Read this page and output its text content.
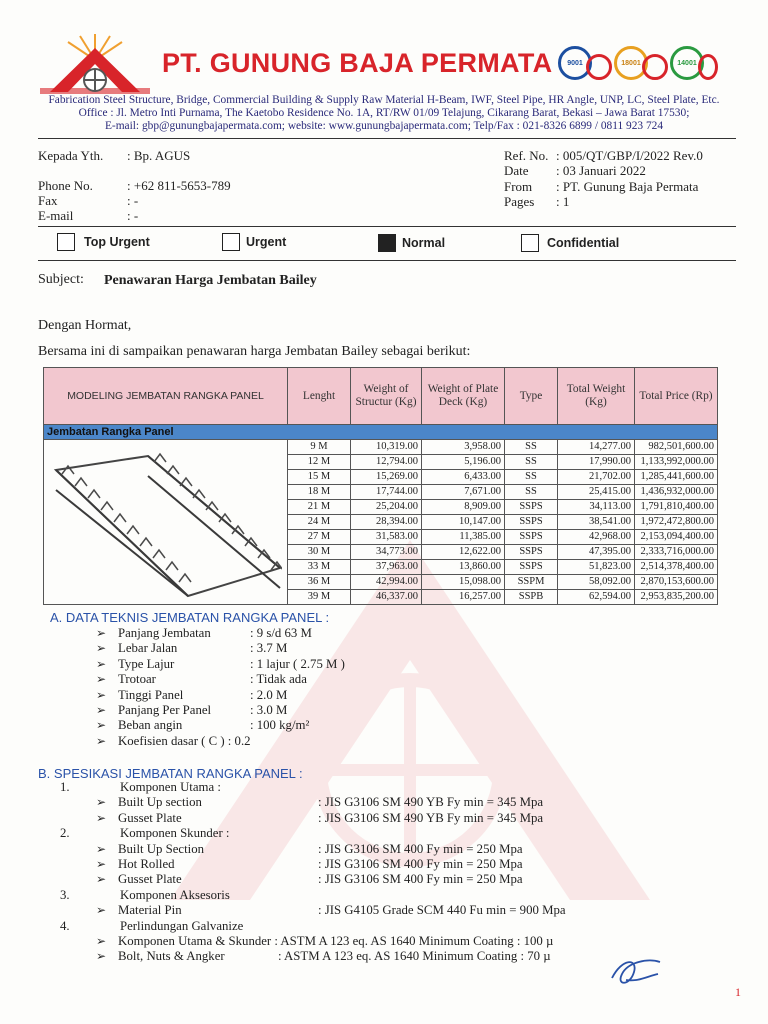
PT. GUNUNG BAJA PERMATA	9001	18001	14001
Fabrication Steel Structure, Bridge, Commercial Building & Supply Raw Material H-Beam, IWF, Steel Pipe, HR Angle, UNP, LC, Steel Plate, Etc.
Office : Jl. Metro Inti Purnama, The Kaetobo Residence No. 1A, RT/RW 01/09 Telajung, Cikarang Barat, Bekasi – Jawa Barat 17530;
E-mail: gbp@gunungbajapermata.com; website: www.gunungbajapermata.com; Telp/Fax : 021-8326 6899 / 0811 923 724
Kepada Yth. : Bp. AGUS
Phone No.	: +62 811-5653-789
Fax	: -
E-mail	: -
Ref. No. : 005/QT/GBP/I/2022 Rev.0
Date : 03 Januari 2022
From : PT. Gunung Baja Permata
Pages : 1
Top Urgent	Urgent	Normal	Confidential
Subject: Penawaran Harga Jembatan Bailey
Dengan Hormat,
Bersama ini di sampaikan penawaran harga Jembatan Bailey sebagai berikut:
MODELING JEMBATAN RANGKA PANEL	Lenght	Weight of Structur (Kg)	Weight of Plate Deck (Kg)	Type	Total Weight (Kg)	Total Price (Rp)
Jembatan Rangka Panel						
	9 M	10,319.00	3,958.00	SS	14,277.00	982,501,600.00
	12 M	12,794.00	5,196.00	SS	17,990.00	1,133,992,000.00
	15 M	15,269.00	6,433.00	SS	21,702.00	1,285,441,600.00
	18 M	17,744.00	7,671.00	SS	25,415.00	1,436,932,000.00
	21 M	25,204.00	8,909.00	SSPS	34,113.00	1,791,810,400.00
	24 M	28,394.00	10,147.00	SSPS	38,541.00	1,972,472,800.00
	27 M	31,583.00	11,385.00	SSPS	42,968.00	2,153,094,400.00
	30 M	34,773.00	12,622.00	SSPS	47,395.00	2,333,716,000.00
	33 M	37,963.00	13,860.00	SSPS	51,823.00	2,514,378,400.00
	36 M	42,994.00	15,098.00	SSPM	58,092.00	2,870,153,600.00
	39 M	46,337.00	16,257.00	SSPB	62,594.00	2,953,835,200.00
A. DATA TEKNIS JEMBATAN RANGKA PANEL :
➢ Panjang Jembatan	: 9 s/d 63 M
➢ Lebar Jalan	: 3.7 M
➢ Type Lajur	: 1 lajur ( 2.75 M )
➢ Trotoar	: Tidak ada
➢ Tinggi Panel	: 2.0 M
➢ Panjang Per Panel	: 3.0 M
➢ Beban angin	: 100 kg/m²
➢ Koefisien dasar ( C ) : 0.2
B. SPESIKASI JEMBATAN RANGKA PANEL :
1.	Komponen Utama :
➢ Built Up section	: JIS G3106 SM 490 YB Fy min = 345 Mpa
➢ Gusset Plate	: JIS G3106 SM 490 YB Fy min = 345 Mpa
2.	Komponen Skunder :
➢ Built Up Section	: JIS G3106 SM 400 Fy min = 250 Mpa
➢ Hot Rolled	: JIS G3106 SM 400 Fy min = 250 Mpa
➢ Gusset Plate	: JIS G3106 SM 400 Fy min = 250 Mpa
3.	Komponen Aksesoris
➢ Material Pin	: JIS G4105 Grade SCM 440 Fu min = 900 Mpa
4.	Perlindungan Galvanize
➢ Komponen Utama & Skunder : ASTM A 123 eq. AS 1640 Minimum Coating : 100 µ
➢ Bolt, Nuts & Angker	: ASTM A 123 eq. AS 1640 Minimum Coating : 70 µ
1
